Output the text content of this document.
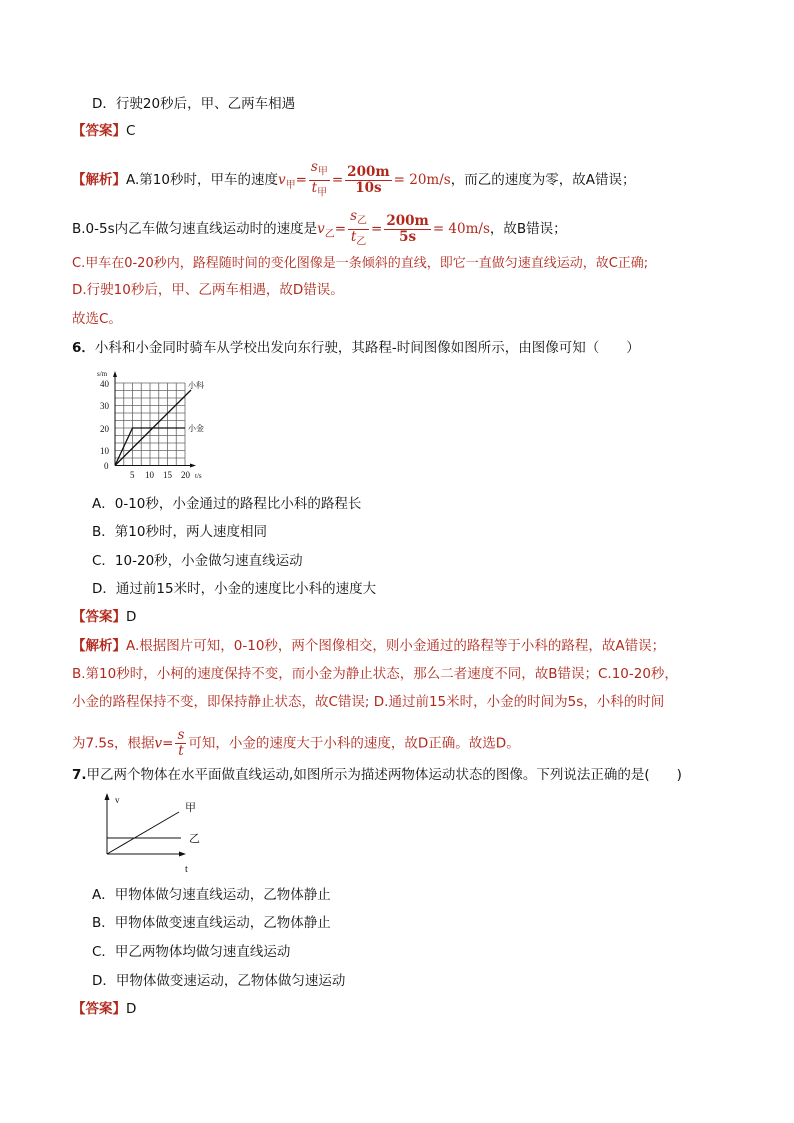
D．行驶20秒后，甲、乙两车相遇
【答案】C
【解析】A.第10秒时，甲车的速度$v_甲= \frac{s_甲}{t_甲} = \frac{200m}{10s} = 20m/s$，而乙的速度为零，故A错误；
B.0-5s内乙车做匀速直线运动时的速度是$v_乙= \frac{s_乙}{t_乙} = \frac{200m}{5s} = 40m/s$，故B错误；
C.甲车在0-20秒内，路程随时间的变化图像是一条倾斜的直线，即它一直做匀速直线运动，故C正确;
D.行驶10秒后，甲、乙两车相遇，故D错误。
故选C。
6．小科和小金同时骑车从学校出发向东行驶，其路程-时间图像如图所示，由图像可知（　　）
s/m
t/s
0
10
20
30
40
5 10 15 20
小科
小金
A．0-10秒，小金通过的路程比小科的路程长
B．第10秒时，两人速度相同
C．10-20秒，小金做匀速直线运动
D．通过前15米时，小金的速度比小科的速度大
【答案】D
【解析】A.根据图片可知，0-10秒，两个图像相交，则小金通过的路程等于小科的路程，故A错误；
B.第10秒时，小柯的速度保持不变，而小金为静止状态，那么二者速度不同，故B错误；C.10-20秒，
小金的路程保持不变，即保持静止状态，故C错误; D.通过前15米时，小金的时间为5s，小科的时间
为7.5s，根据$v= \frac{s}{t}$ 可知，小金的速度大于小科的速度，故D正确。故选D。
7.甲乙两个物体在水平面做直线运动,如图所示为描述两物体运动状态的图像。下列说法正确的是(　　)
v
t
甲
乙
A．甲物体做匀速直线运动，乙物体静止
B．甲物体做变速直线运动，乙物体静止
C．甲乙两物体均做匀速直线运动
D．甲物体做变速运动，乙物体做匀速运动
【答案】D
